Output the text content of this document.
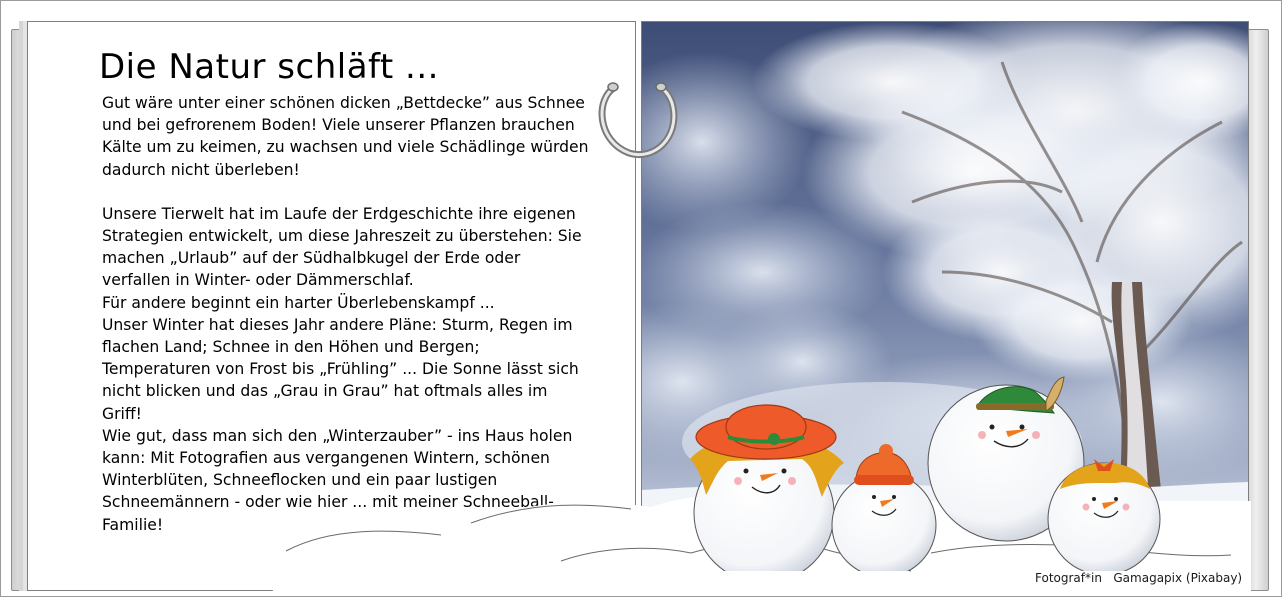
Die Natur schläft ...

Gut wäre unter einer schönen dicken „Bettdecke” aus Schnee und bei gefrorenem Boden! Viele unserer Pflanzen brauchen Kälte um zu keimen, zu wachsen und viele Schädlinge würden dadurch nicht überleben!

Unsere Tierwelt hat im Laufe der Erdgeschichte ihre eigenen Strategien entwickelt, um diese Jahreszeit zu überstehen: Sie machen „Urlaub” auf der Südhalbkugel der Erde oder verfallen in Winter- oder Dämmerschlaf.

Für andere beginnt ein harter Überlebenskampf ...

Unser Winter hat dieses Jahr andere Pläne: Sturm, Regen im flachen Land; Schnee in den Höhen und Bergen; Temperaturen von Frost bis „Frühling” ... Die Sonne lässt sich nicht blicken und das „Grau in Grau” hat oftmals alles im Griff!

Wie gut, dass man sich den „Winterzauber” - ins Haus holen kann: Mit Fotografien aus vergangenen Wintern, schönen Winterblüten, Schneeflocken und ein paar lustigen Schneemännern - oder wie hier ... mit meiner Schneeball-Familie!

Fotograf*in   Gamagapix (Pixabay)
